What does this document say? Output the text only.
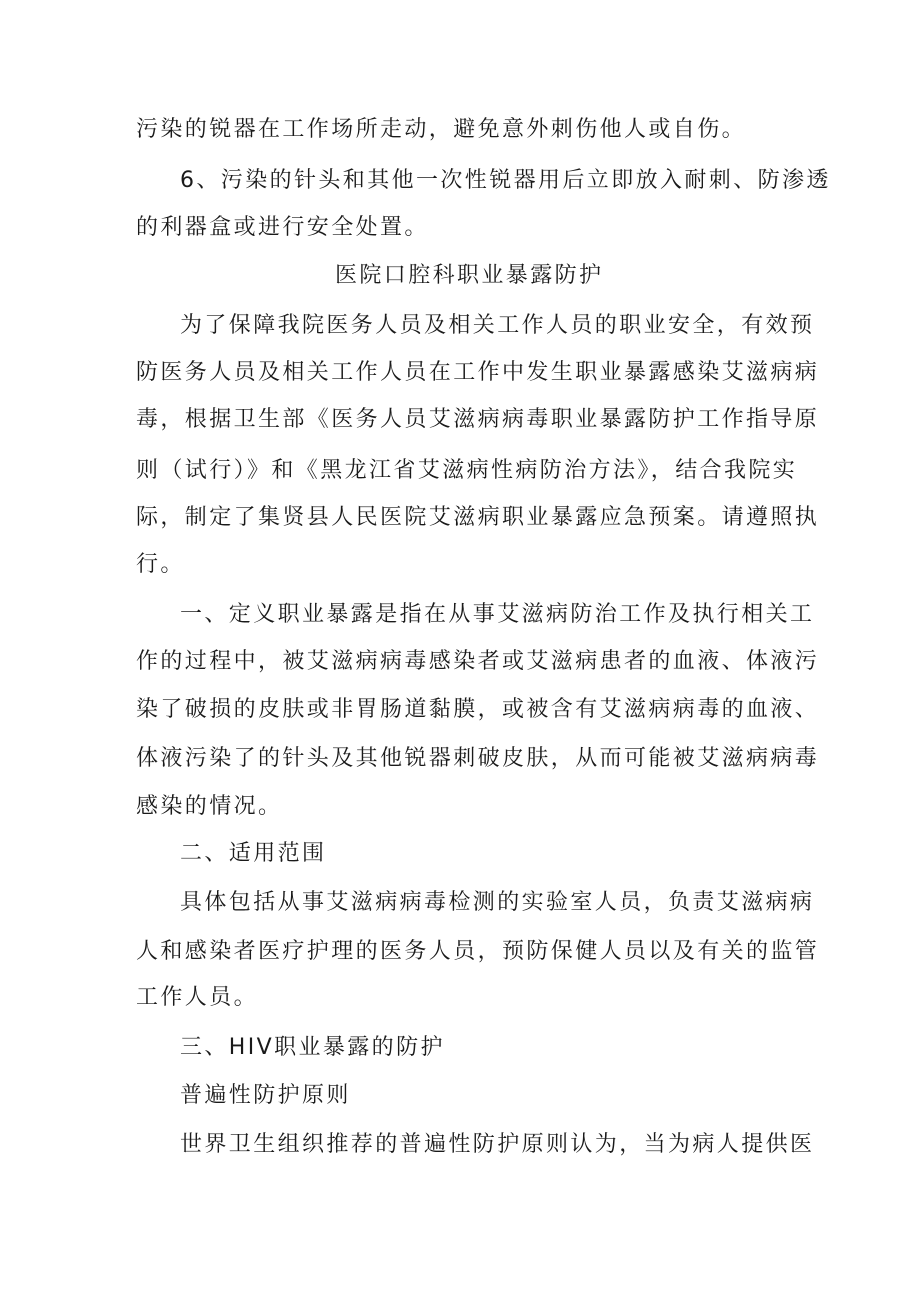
污染的锐器在工作场所走动，避免意外刺伤他人或自伤。
6、污染的针头和其他一次性锐器用后立即放入耐刺、防渗透
的利器盒或进行安全处置。
医院口腔科职业暴露防护
为了保障我院医务人员及相关工作人员的职业安全，有效预
防医务人员及相关工作人员在工作中发生职业暴露感染艾滋病病
毒，根据卫生部《医务人员艾滋病病毒职业暴露防护工作指导原
则（试行）》和《黑龙江省艾滋病性病防治方法》，结合我院实
际，制定了集贤县人民医院艾滋病职业暴露应急预案。请遵照执
行。
一、定义职业暴露是指在从事艾滋病防治工作及执行相关工
作的过程中，被艾滋病病毒感染者或艾滋病患者的血液、体液污
染了破损的皮肤或非胃肠道黏膜，或被含有艾滋病病毒的血液、
体液污染了的针头及其他锐器刺破皮肤，从而可能被艾滋病病毒
感染的情况。
二、适用范围
具体包括从事艾滋病病毒检测的实验室人员，负责艾滋病病
人和感染者医疗护理的医务人员，预防保健人员以及有关的监管
工作人员。
三、HIV职业暴露的防护
普遍性防护原则
世界卫生组织推荐的普遍性防护原则认为，当为病人提供医
